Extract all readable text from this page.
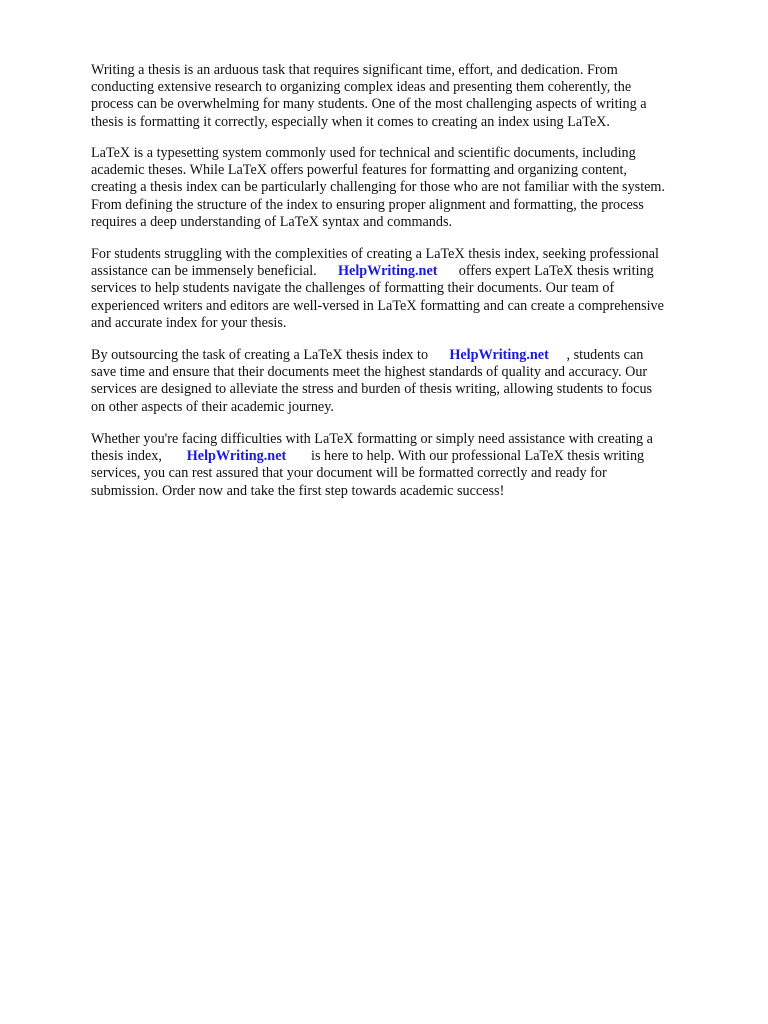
Writing a thesis is an arduous task that requires significant time, effort, and dedication. From
conducting extensive research to organizing complex ideas and presenting them coherently, the
process can be overwhelming for many students. One of the most challenging aspects of writing a
thesis is formatting it correctly, especially when it comes to creating an index using LaTeX.
LaTeX is a typesetting system commonly used for technical and scientific documents, including
academic theses. While LaTeX offers powerful features for formatting and organizing content,
creating a thesis index can be particularly challenging for those who are not familiar with the system.
From defining the structure of the index to ensuring proper alignment and formatting, the process
requires a deep understanding of LaTeX syntax and commands.
For students struggling with the complexities of creating a LaTeX thesis index, seeking professional
assistance can be immensely beneficial.      HelpWriting.net      offers expert LaTeX thesis writing
services to help students navigate the challenges of formatting their documents. Our team of
experienced writers and editors are well-versed in LaTeX formatting and can create a comprehensive
and accurate index for your thesis.
By outsourcing the task of creating a LaTeX thesis index to      HelpWriting.net     , students can
save time and ensure that their documents meet the highest standards of quality and accuracy. Our
services are designed to alleviate the stress and burden of thesis writing, allowing students to focus
on other aspects of their academic journey.
Whether you're facing difficulties with LaTeX formatting or simply need assistance with creating a
thesis index,       HelpWriting.net       is here to help. With our professional LaTeX thesis writing
services, you can rest assured that your document will be formatted correctly and ready for
submission. Order now and take the first step towards academic success!
